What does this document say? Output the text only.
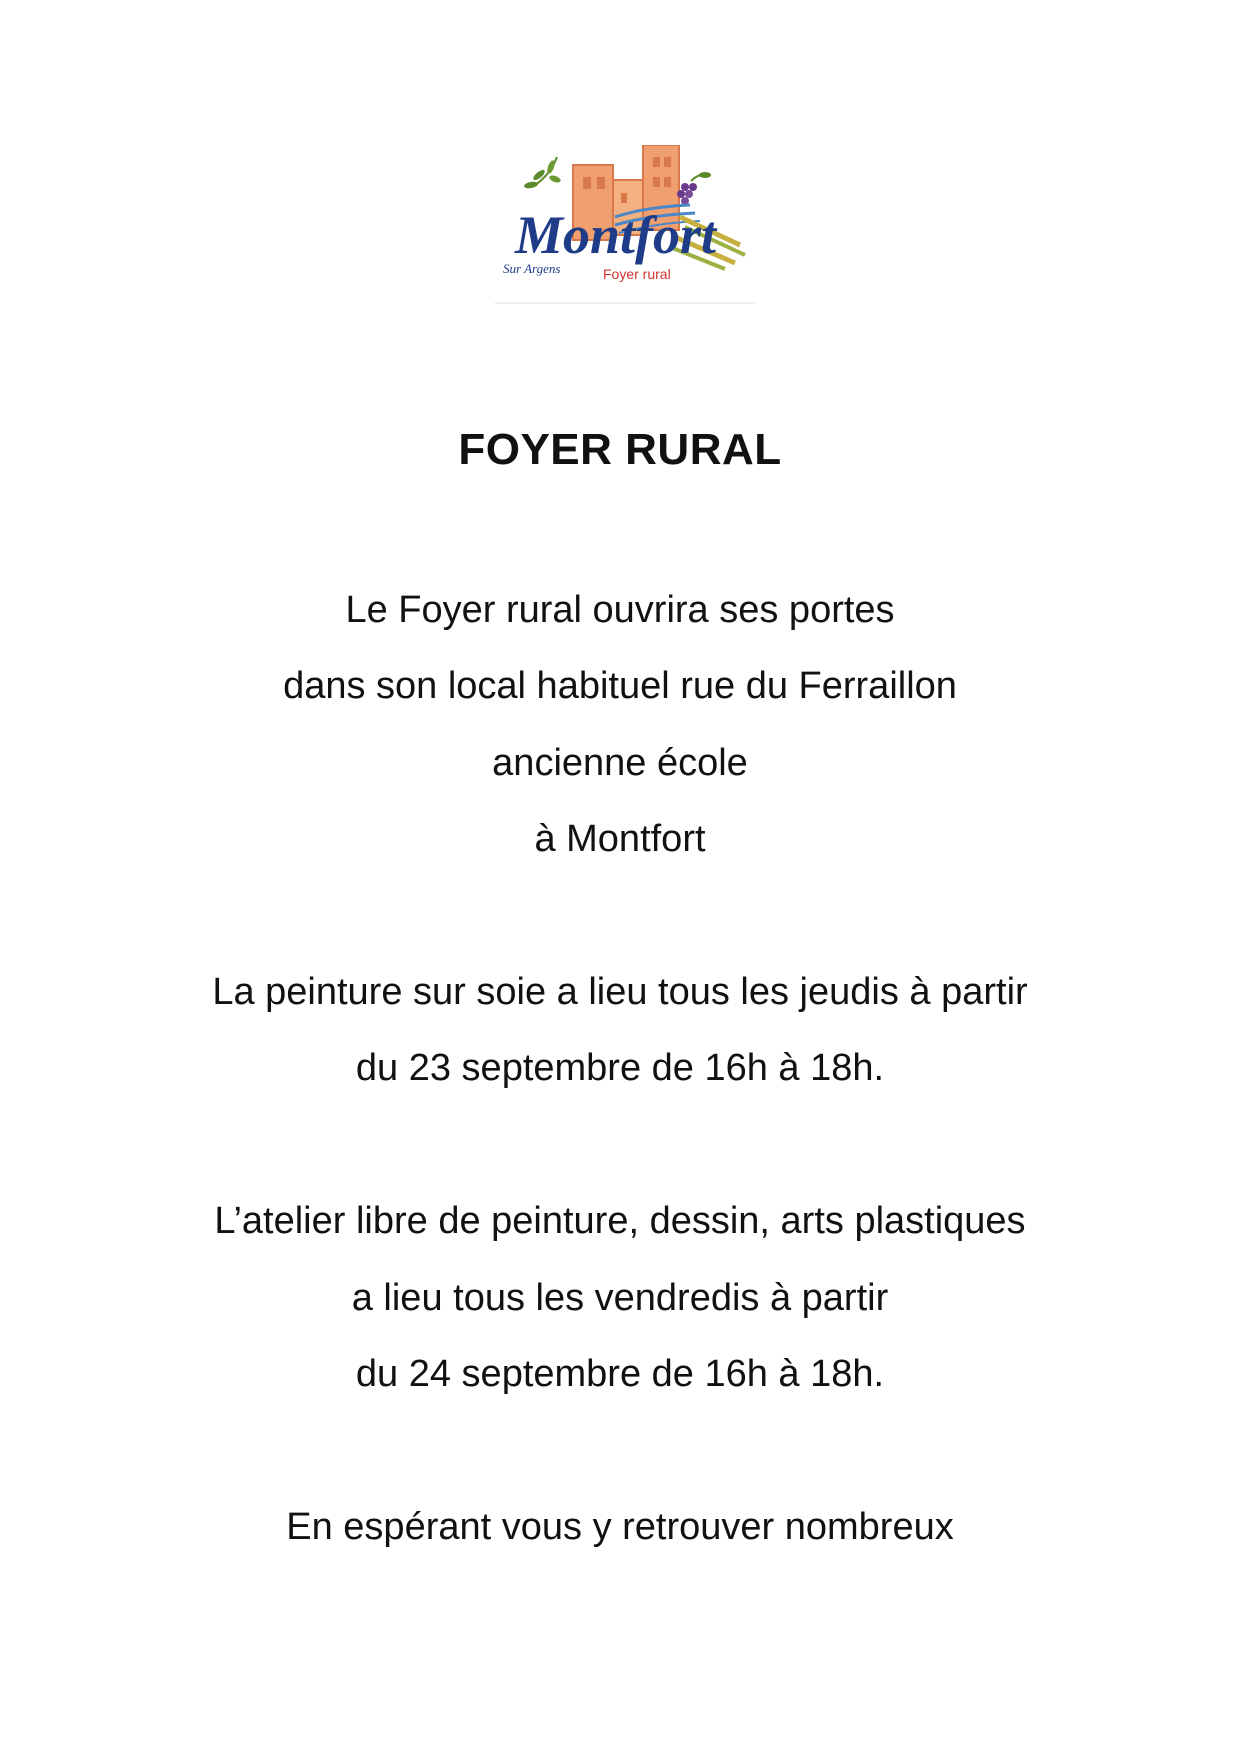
Montfort
Sur Argens	Foyer rural
FOYER RURAL

Le Foyer rural ouvrira ses portes

dans son local habituel rue du Ferraillon

ancienne école

à Montfort

La peinture sur soie a lieu tous les jeudis à partir

du 23 septembre de 16h à 18h.

L’atelier libre de peinture, dessin, arts plastiques

a lieu tous les vendredis à partir

du 24 septembre de 16h à 18h.

En espérant vous y retrouver nombreux
